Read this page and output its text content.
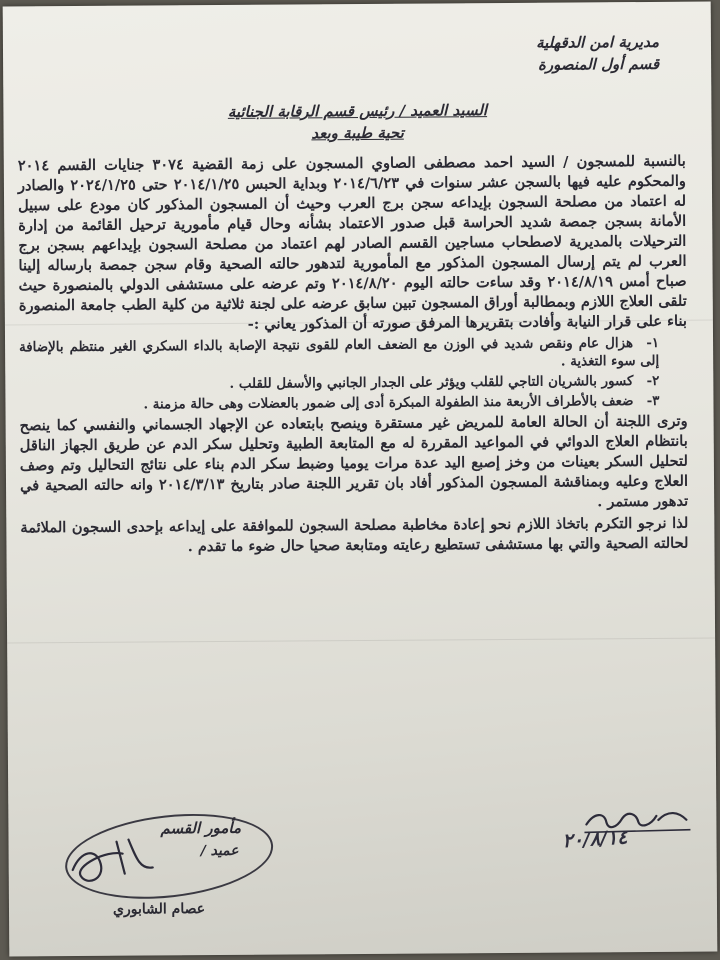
مديرية امن الدقهلية
قسم أول المنصورة
السيد العميد / رئيس قسم الرقابة الجنائية
تحية طيبة وبعد

بالنسبة للمسجون / السيد احمد مصطفى الصاوي المسجون على زمة القضية ٣٠٧٤ جنايات القسم ٢٠١٤ والمحكوم عليه فيها بالسجن عشر سنوات في ٢٠١٤/٦/٢٣ وبداية الحبس ٢٠١٤/١/٢٥ حتى ٢٠٢٤/١/٢٥ والصادر له اعتماد من مصلحة السجون بإيداعه سجن برج العرب وحيث أن المسجون المذكور كان مودع على سبيل الأمانة بسجن جمصة شديد الحراسة قبل صدور الاعتماد بشأنه وحال قيام مأمورية ترحيل القائمة من إدارة الترحيلات بالمديرية لاصطحاب مساجين القسم الصادر لهم اعتماد من مصلحة السجون بإيداعهم بسجن برج العرب لم يتم إرسال المسجون المذكور مع المأمورية لتدهور حالته الصحية وقام سجن جمصة بارساله إلينا صباح أمس ٢٠١٤/٨/١٩ وقد ساءت حالته اليوم ٢٠١٤/٨/٢٠ وتم عرضه على مستشفى الدولي بالمنصورة حيث تلقى العلاج اللازم وبمطالبة أوراق المسجون تبين سابق عرضه على لجنة ثلاثية من كلية الطب جامعة المنصورة بناء على قرار النيابة وأفادت بتقريرها المرفق صورته أن المذكور يعاني :-

١-هزال عام ونقص شديد في الوزن مع الضعف العام للقوى نتيجة الإصابة بالداء السكري الغير منتظم بالإضافة إلى سوء التغذية .
٢-كسور بالشريان التاجي للقلب ويؤثر على الجدار الجانبي والأسفل للقلب .
٣-ضعف بالأطراف الأربعة منذ الطفولة المبكرة أدى إلى ضمور بالعضلات وهى حالة مزمنة .

وترى اللجنة أن الحالة العامة للمريض غير مستقرة وينصح بابتعاده عن الإجهاد الجسماني والنفسي كما ينصح بانتظام العلاج الدوائي في المواعيد المقررة له مع المتابعة الطبية وتحليل سكر الدم عن طريق الجهاز الناقل لتحليل السكر بعينات من وخز إصبع اليد عدة مرات يوميا وضبط سكر الدم بناء على نتائج التحاليل وتم وصف العلاج وعليه وبمناقشة المسجون المذكور أفاد بان تقرير اللجنة صادر بتاريخ ٢٠١٤/٣/١٣ وانه حالته الصحية في تدهور مستمر .

لذا نرجو التكرم باتخاذ اللازم نحو إعادة مخاطبة مصلحة السجون للموافقة على إيداعه بإحدى السجون الملائمة لحالته الصحية والتي بها مستشفى تستطيع رعايته ومتابعة صحيا حال ضوء ما تقدم .

مأمور القسم
عميد /
عصام الشابوري
٢٠/٨/١٤
